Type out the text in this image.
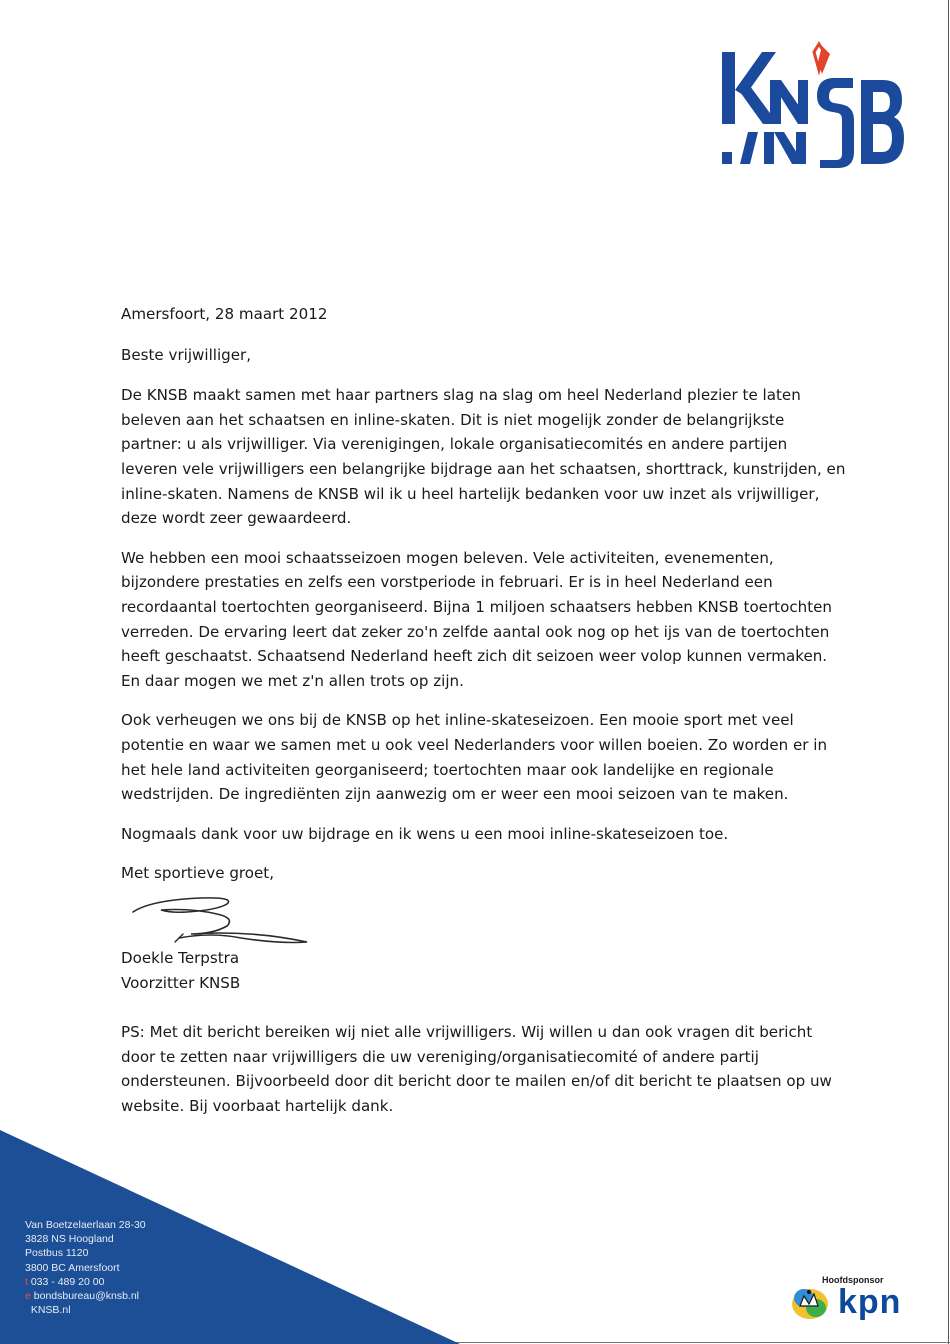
Amersfoort, 28 maart 2012

Beste vrijwilliger,

De KNSB maakt samen met haar partners slag na slag om heel Nederland plezier te laten beleven aan het schaatsen en inline-skaten. Dit is niet mogelijk zonder de belangrijkste partner: u als vrijwilliger. Via verenigingen, lokale organisatiecomités en andere partijen leveren vele vrijwilligers een belangrijke bijdrage aan het schaatsen, shorttrack, kunstrijden, en inline-skaten. Namens de KNSB wil ik u heel hartelijk bedanken voor uw inzet als vrijwilliger, deze wordt zeer gewaardeerd.

We hebben een mooi schaatsseizoen mogen beleven. Vele activiteiten, evenementen, bijzondere prestaties en zelfs een vorstperiode in februari. Er is in heel Nederland een recordaantal toertochten georganiseerd. Bijna 1 miljoen schaatsers hebben KNSB toertochten verreden. De ervaring leert dat zeker zo'n zelfde aantal ook nog op het ijs van de toertochten heeft geschaatst. Schaatsend Nederland heeft zich dit seizoen weer volop kunnen vermaken. En daar mogen we met z'n allen trots op zijn.

Ook verheugen we ons bij de KNSB op het inline-skateseizoen. Een mooie sport met veel potentie en waar we samen met u ook veel Nederlanders voor willen boeien. Zo worden er in het hele land activiteiten georganiseerd; toertochten maar ook landelijke en regionale wedstrijden. De ingrediënten zijn aanwezig om er weer een mooi seizoen van te maken.

Nogmaals dank voor uw bijdrage en ik wens u een mooi inline-skateseizoen toe.

Met sportieve groet,

Doekle Terpstra

Voorzitter KNSB

PS: Met dit bericht bereiken wij niet alle vrijwilligers. Wij willen u dan ook vragen dit bericht door te zetten naar vrijwilligers die uw vereniging/organisatiecomité of andere partij ondersteunen. Bijvoorbeeld door dit bericht door te mailen en/of dit bericht te plaatsen op uw website. Bij voorbaat hartelijk dank.

Van Boetzelaerlaan 28-30
3828 NS Hoogland
Postbus 1120
3800 BC Amersfoort
t 033 - 489 20 00
e bondsbureau@knsb.nl
KNSB.nl
Hoofdsponsor
kpn
